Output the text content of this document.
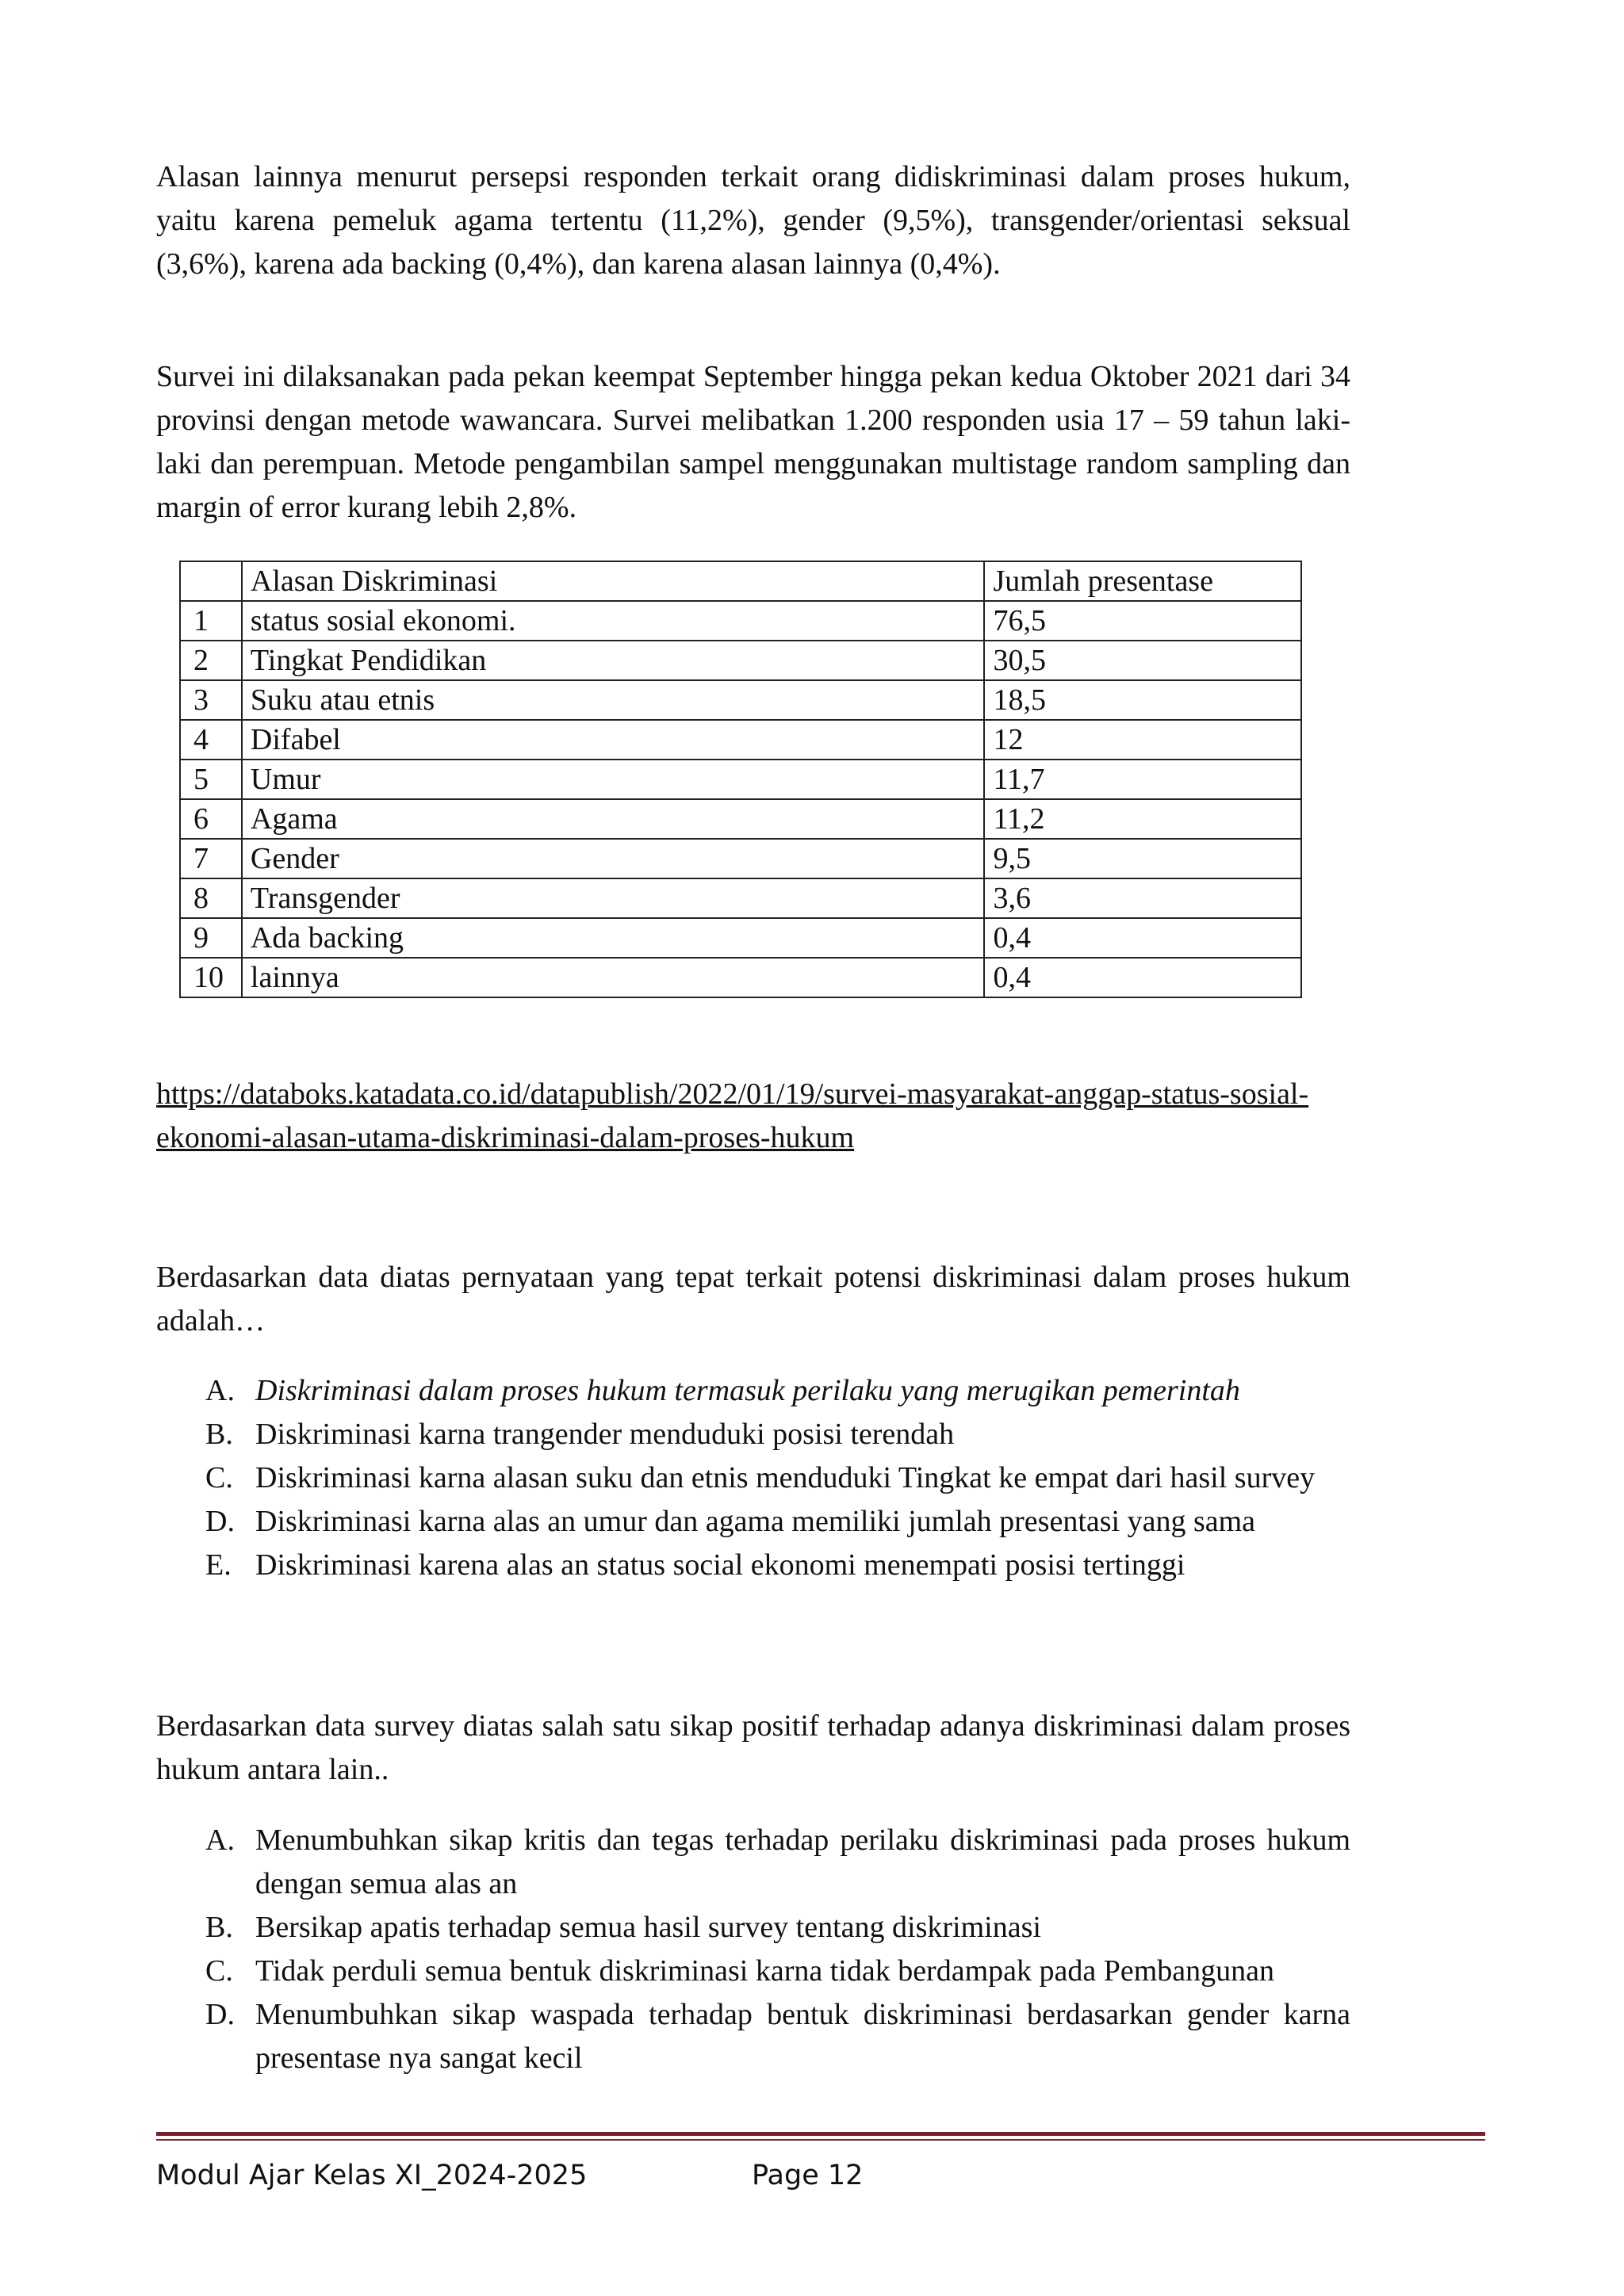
Alasan lainnya menurut persepsi responden terkait orang didiskriminasi dalam proses hukum, yaitu karena pemeluk agama tertentu (11,2%), gender (9,5%), transgender/orientasi seksual (3,6%), karena ada backing (0,4%), dan karena alasan lainnya (0,4%).

Survei ini dilaksanakan pada pekan keempat September hingga pekan kedua Oktober 2021 dari 34 provinsi dengan metode wawancara. Survei melibatkan 1.200 responden usia 17 – 59 tahun laki-laki dan perempuan. Metode pengambilan sampel menggunakan multistage random sampling dan margin of error kurang lebih 2,8%.

	Alasan Diskriminasi	Jumlah presentase
1	status sosial ekonomi.	76,5
2	Tingkat Pendidikan	30,5
3	Suku atau etnis	18,5
4	Difabel	12
5	Umur	11,7
6	Agama	11,2
7	Gender	9,5
8	Transgender	3,6
9	Ada backing	0,4
10	lainnya	0,4
https://databoks.katadata.co.id/datapublish/2022/01/19/survei-masyarakat-anggap-status-sosial-ekonomi-alasan-utama-diskriminasi-dalam-proses-hukum

Berdasarkan data diatas pernyataan yang tepat terkait potensi diskriminasi dalam proses hukum adalah…

A. Diskriminasi dalam proses hukum termasuk perilaku yang merugikan pemerintah
B. Diskriminasi karna trangender menduduki posisi terendah
C. Diskriminasi karna alasan suku dan etnis menduduki Tingkat ke empat dari hasil survey
D. Diskriminasi karna alas an umur dan agama memiliki jumlah presentasi yang sama
E. Diskriminasi karena alas an status social ekonomi menempati posisi tertinggi

Berdasarkan data survey diatas salah satu sikap positif terhadap adanya diskriminasi dalam proses hukum antara lain..

A. Menumbuhkan sikap kritis dan tegas terhadap perilaku diskriminasi pada proses hukum dengan semua alas an
B. Bersikap apatis terhadap semua hasil survey tentang diskriminasi
C. Tidak perduli semua bentuk diskriminasi karna tidak berdampak pada Pembangunan
D. Menumbuhkan sikap waspada terhadap bentuk diskriminasi berdasarkan gender karna presentase nya sangat kecil
Modul Ajar Kelas XI_2024-2025	Page 12
